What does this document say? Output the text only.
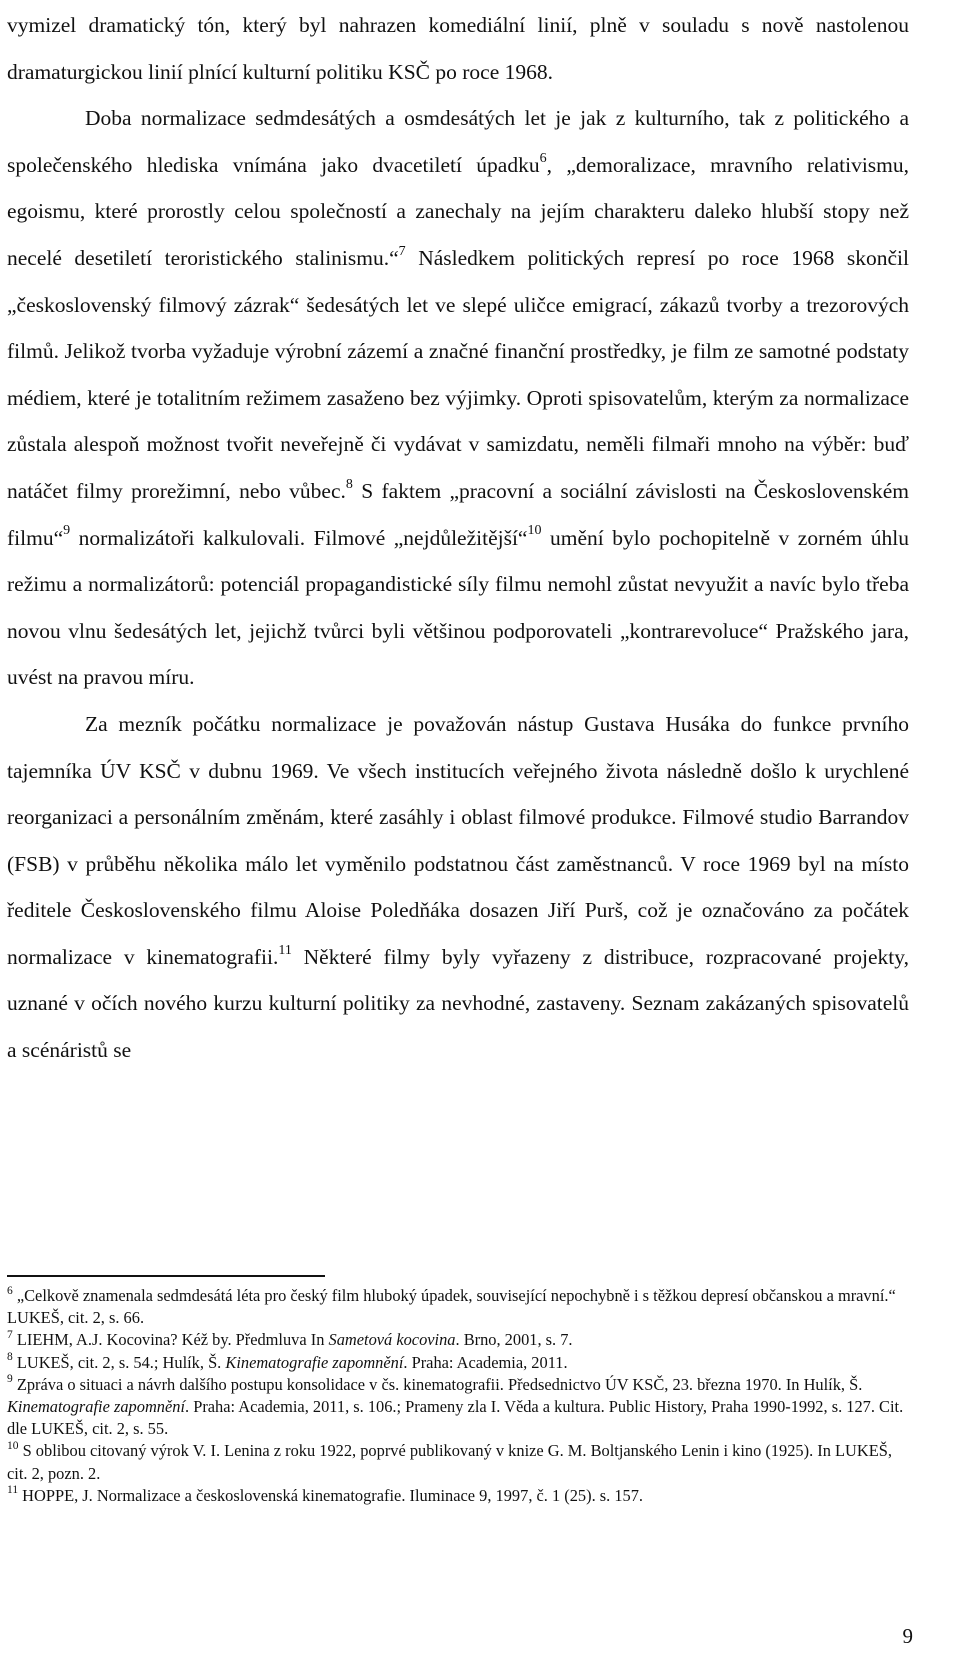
vymizel dramatický tón, který byl nahrazen komediální linií, plně v souladu s nově nastolenou dramaturgickou linií plnící kulturní politiku KSČ po roce 1968.

Doba normalizace sedmdesátých a osmdesátých let je jak z kulturního, tak z politického a společenského hlediska vnímána jako dvacetiletí úpadku$^6$, „demoralizace, mravního relativismu, egoismu, které prorostly celou společností a zanechaly na jejím charakteru daleko hlubší stopy než necelé desetiletí teroristického stalinismu.“$^7$ Následkem politických represí po roce 1968 skončil „československý filmový zázrak“ šedesátých let ve slepé uličce emigrací, zákazů tvorby a trezorových filmů. Jelikož tvorba vyžaduje výrobní zázemí a značné finanční prostředky, je film ze samotné podstaty médiem, které je totalitním režimem zasaženo bez výjimky. Oproti spisovatelům, kterým za normalizace zůstala alespoň možnost tvořit neveřejně či vydávat v samizdatu, neměli filmaři mnoho na výběr: buď natáčet filmy prorežimní, nebo vůbec.$^8$ S faktem „pracovní a sociální závislosti na Československém filmu“$^9$ normalizátoři kalkulovali. Filmové „nejdůležitější“$^{10}$ umění bylo pochopitelně v zorném úhlu režimu a normalizátorů: potenciál propagandistické síly filmu nemohl zůstat nevyužit a navíc bylo třeba novou vlnu šedesátých let, jejichž tvůrci byli většinou podporovateli „kontrarevoluce“ Pražského jara, uvést na pravou míru.

Za mezník počátku normalizace je považován nástup Gustava Husáka do funkce prvního tajemníka ÚV KSČ v dubnu 1969. Ve všech institucích veřejného života následně došlo k urychlené reorganizaci a personálním změnám, které zasáhly i oblast filmové produkce. Filmové studio Barrandov (FSB) v průběhu několika málo let vyměnilo podstatnou část zaměstnanců. V roce 1969 byl na místo ředitele Československého filmu Aloise Poledňáka dosazen Jiří Purš, což je označováno za počátek normalizace v kinematografii.$^{11}$ Některé filmy byly vyřazeny z distribuce, rozpracované projekty, uznané v očích nového kurzu kulturní politiky za nevhodné, zastaveny. Seznam zakázaných spisovatelů a scénáristů se

$^6$ „Celkově znamenala sedmdesátá léta pro český film hluboký úpadek, související nepochybně i s těžkou depresí občanskou a mravní.“ LUKEŠ, cit. 2, s. 66.

$^7$ LIEHM, A.J. Kocovina? Kéž by. Předmluva In Sametová kocovina. Brno, 2001, s. 7.

$^8$ LUKEŠ, cit. 2, s. 54.; Hulík, Š. Kinematografie zapomnění. Praha: Academia, 2011.

$^9$ Zpráva o situaci a návrh dalšího postupu konsolidace v čs. kinematografii. Předsednictvo ÚV KSČ, 23. března 1970. In Hulík, Š. Kinematografie zapomnění. Praha: Academia, 2011, s. 106.; Prameny zla I. Věda a kultura. Public History, Praha 1990-1992, s. 127. Cit. dle LUKEŠ, cit. 2, s. 55.

$^{10}$ S oblibou citovaný výrok V. I. Lenina z roku 1922, poprvé publikovaný v knize G. M. Boltjanského Lenin i kino (1925). In LUKEŠ, cit. 2, pozn. 2.

$^{11}$ HOPPE, J. Normalizace a československá kinematografie. Iluminace 9, 1997, č. 1 (25). s. 157.

9
